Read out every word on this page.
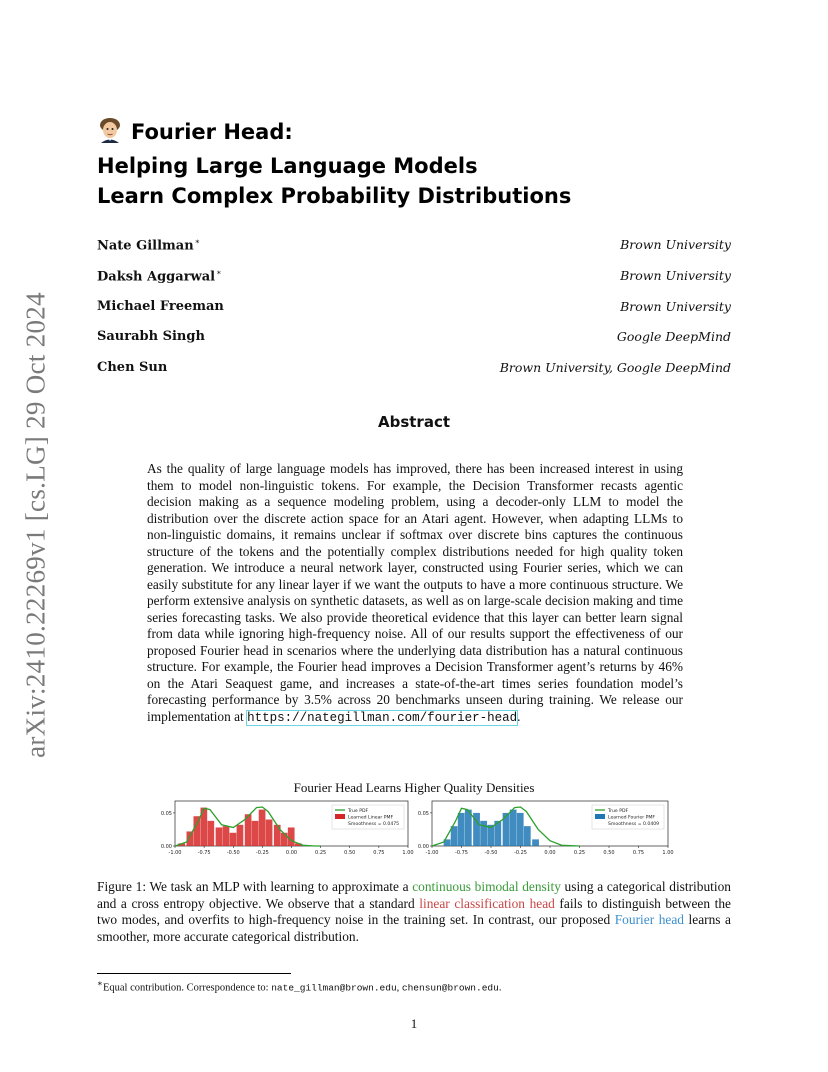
arXiv:2410.22269v1 [cs.LG] 29 Oct 2024
Fourier Head:
Helping Large Language Models
Learn Complex Probability Distributions
Nate Gillman∗	Brown University
Daksh Aggarwal∗	Brown University
Michael Freeman	Brown University
Saurabh Singh	Google DeepMind
Chen Sun	Brown University, Google DeepMind
Abstract
As the quality of large language models has improved, there has been increased interest in using them to model non-linguistic tokens. For example, the Decision Transformer recasts agentic decision making as a sequence modeling problem, using a decoder-only LLM to model the distribution over the discrete action space for an Atari agent. However, when adapting LLMs to non-linguistic domains, it remains unclear if softmax over discrete bins captures the continuous structure of the tokens and the potentially complex distributions needed for high quality token generation. We introduce a neural network layer, constructed using Fourier series, which we can easily substitute for any linear layer if we want the outputs to have a more continuous structure. We perform extensive analysis on synthetic datasets, as well as on large-scale decision making and time series forecasting tasks. We also provide theoretical evidence that this layer can better learn signal from data while ignoring high-frequency noise. All of our results support the effectiveness of our proposed Fourier head in scenarios where the underlying data distribution has a natural continuous structure. For example, the Fourier head improves a Decision Transformer agent’s returns by 46% on the Atari Seaquest game, and increases a state-of-the-art times series foundation model’s forecasting performance by 3.5% across 20 benchmarks unseen during training. We release our implementation at https://nategillman.com/fourier-head.
Fourier Head Learns Higher Quality Densities
-1.00	-0.75	-0.50	-0.25	0.00	0.25	0.50	0.75	1.00
0.00
0.05	True PDF
Learned Linear PMF
Smoothness = 0.0475
-1.00	-0.75	-0.50	-0.25	0.00	0.25	0.50	0.75	1.00
0.00
0.05	True PDF
Learned Fourier PMF
Smoothness = 0.0409
Figure 1: We task an MLP with learning to approximate a continuous bimodal density using a categorical distribution and a cross entropy objective. We observe that a standard linear classification head fails to distinguish between the two modes, and overfits to high-frequency noise in the training set. In contrast, our proposed Fourier head learns a smoother, more accurate categorical distribution.
∗Equal contribution. Correspondence to: nate_gillman@brown.edu, chensun@brown.edu.
1
